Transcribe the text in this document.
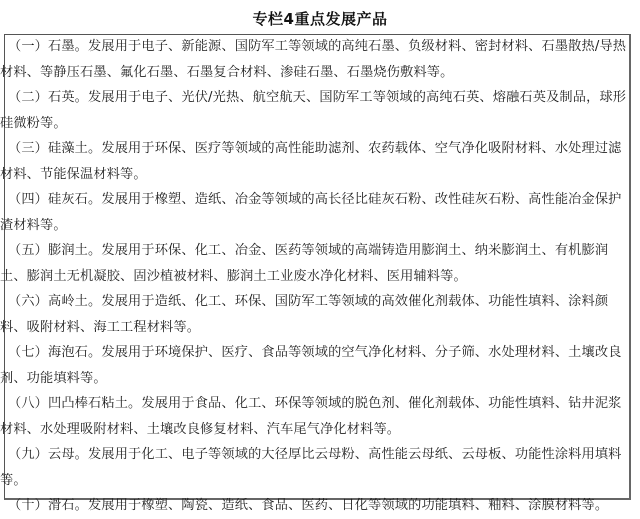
专栏4重点发展产品
（一）石墨。发展用于电子、新能源、国防军工等领域的高纯石墨、负级材料、密封材料、石墨散热/导热材料、等静压石墨、氟化石墨、石墨复合材料、渗硅石墨、石墨烧伤敷料等。
（二）石英。发展用于电子、光伏/光热、航空航天、国防军工等领域的高纯石英、熔融石英及制品，球形硅微粉等。
（三）硅藻土。发展用于环保、医疗等领域的高性能助滤剂、农药载体、空气净化吸附材料、水处理过滤材料、节能保温材料等。
（四）硅灰石。发展用于橡塑、造纸、冶金等领域的高长径比硅灰石粉、改性硅灰石粉、高性能冶金保护渣材料等。
（五）膨润土。发展用于环保、化工、冶金、医药等领域的高端铸造用膨润土、纳米膨润土、有机膨润土、膨润土无机凝胶、固沙植被材料、膨润土工业废水净化材料、医用辅料等。
（六）高岭土。发展用于造纸、化工、环保、国防军工等领域的高效催化剂载体、功能性填料、涂料颜料、吸附材料、海工工程材料等。
（七）海泡石。发展用于环境保护、医疗、食品等领域的空气净化材料、分子筛、水处理材料、土壤改良剂、功能填料等。
（八）凹凸棒石粘土。发展用于食品、化工、环保等领域的脱色剂、催化剂载体、功能性填料、钻井泥浆材料、水处理吸附材料、土壤改良修复材料、汽车尾气净化材料等。
（九）云母。发展用于化工、电子等领域的大径厚比云母粉、高性能云母纸、云母板、功能性涂料用填料等。
（十）滑石。发展用于橡塑、陶瓷、造纸、食品、医药、日化等领域的功能填料、釉料、涂膜材料等。
